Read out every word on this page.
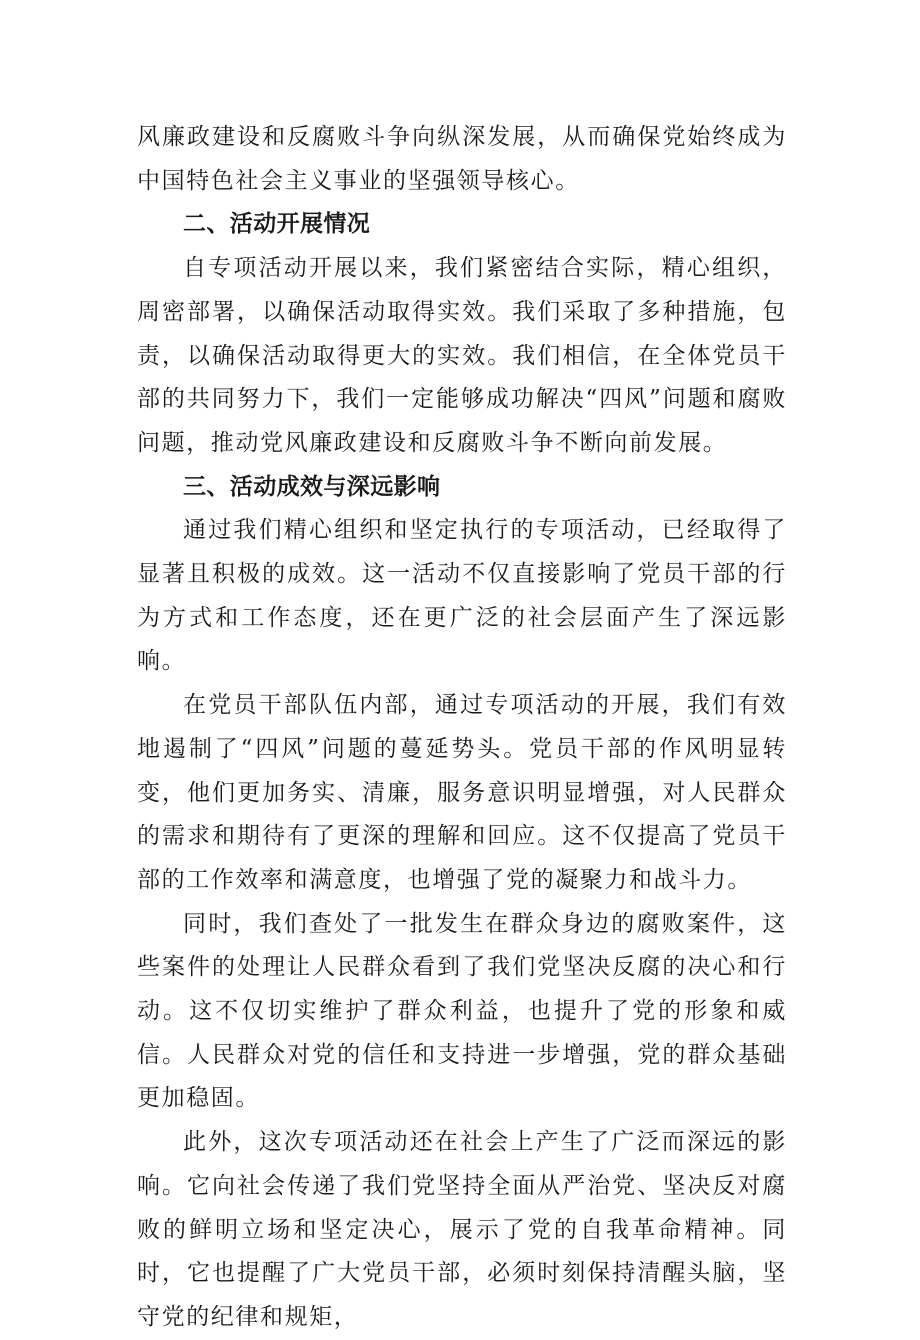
风廉政建设和反腐败斗争向纵深发展，从而确保党始终成为中国特色社会主义事业的坚强领导核心。

二、活动开展情况

自专项活动开展以来，我们紧密结合实际，精心组织，周密部署，以确保活动取得实效。我们采取了多种措施，包责，以确保活动取得更大的实效。我们相信，在全体党员干部的共同努力下，我们一定能够成功解决“四风”问题和腐败问题，推动党风廉政建设和反腐败斗争不断向前发展。

三、活动成效与深远影响

通过我们精心组织和坚定执行的专项活动，已经取得了显著且积极的成效。这一活动不仅直接影响了党员干部的行为方式和工作态度，还在更广泛的社会层面产生了深远影响。

在党员干部队伍内部，通过专项活动的开展，我们有效地遏制了“四风”问题的蔓延势头。党员干部的作风明显转变，他们更加务实、清廉，服务意识明显增强，对人民群众的需求和期待有了更深的理解和回应。这不仅提高了党员干部的工作效率和满意度，也增强了党的凝聚力和战斗力。

同时，我们查处了一批发生在群众身边的腐败案件，这些案件的处理让人民群众看到了我们党坚决反腐的决心和行动。这不仅切实维护了群众利益，也提升了党的形象和威信。人民群众对党的信任和支持进一步增强，党的群众基础更加稳固。

此外，这次专项活动还在社会上产生了广泛而深远的影响。它向社会传递了我们党坚持全面从严治党、坚决反对腐败的鲜明立场和坚定决心，展示了党的自我革命精神。同时，它也提醒了广大党员干部，必须时刻保持清醒头脑，坚守党的纪律和规矩，
